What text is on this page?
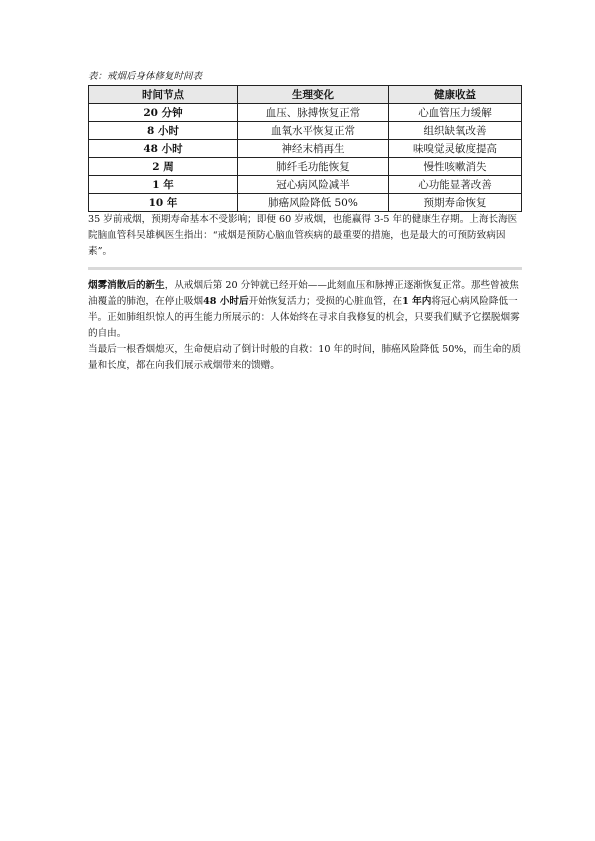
表：戒烟后身体修复时间表

时间节点	生理变化	健康收益
20 分钟	血压、脉搏恢复正常	心血管压力缓解
8 小时	血氧水平恢复正常	组织缺氧改善
48 小时	神经末梢再生	味嗅觉灵敏度提高
2 周	肺纤毛功能恢复	慢性咳嗽消失
1 年	冠心病风险减半	心功能显著改善
10 年	肺癌风险降低 50%	预期寿命恢复

35 岁前戒烟，预期寿命基本不受影响；即便 60 岁戒烟，也能赢得 3-5 年的健康生存期。上海长海医院脑血管科吴雄枫医生指出：“戒烟是预防心脑血管疾病的最重要的措施，也是最大的可预防致病因素”。

烟雾消散后的新生，从戒烟后第 20 分钟就已经开始——此刻血压和脉搏正逐渐恢复正常。那些曾被焦油覆盖的肺泡，在停止吸烟48 小时后开始恢复活力；受损的心脏血管，在1 年内将冠心病风险降低一半。正如肺组织惊人的再生能力所展示的：人体始终在寻求自我修复的机会，只要我们赋予它摆脱烟雾的自由。

当最后一根香烟熄灭，生命便启动了倒计时般的自救：10 年的时间，肺癌风险降低 50%，而生命的质量和长度，都在向我们展示戒烟带来的馈赠。
